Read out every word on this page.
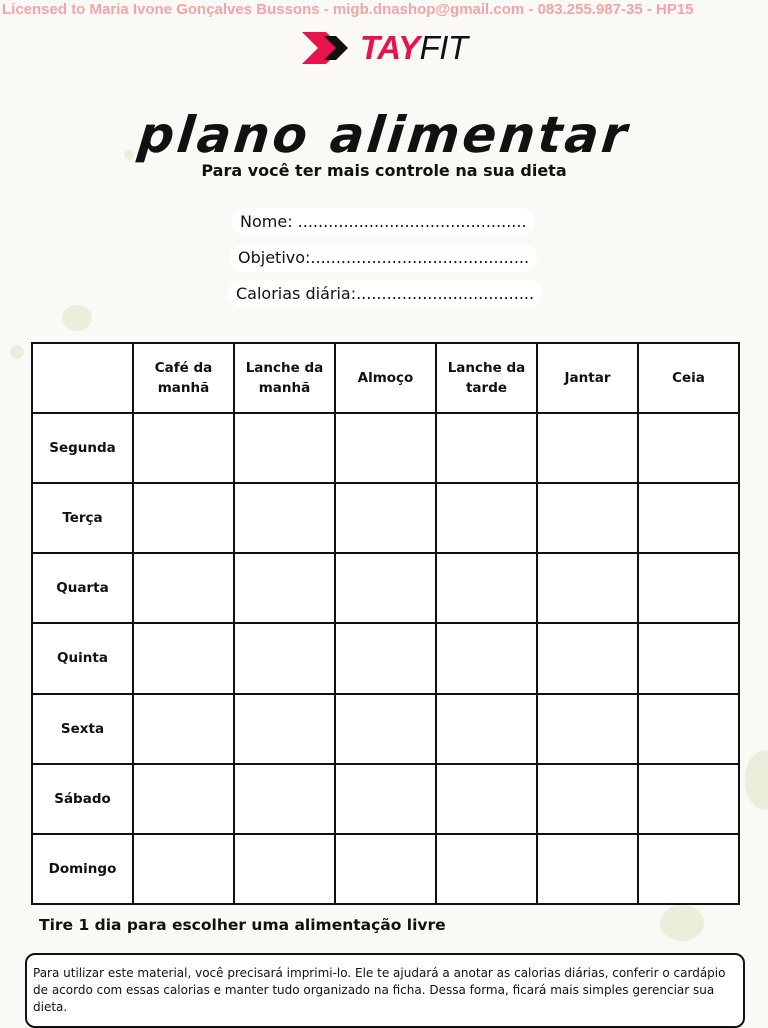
Licensed to Maria Ivone Gonçalves Bussons - migb.dnashop@gmail.com - 083.255.987-35 - HP15
TAYFIT
plano alimentar
Para você ter mais controle na sua dieta
Nome: .............................................
Objetivo:...........................................
Calorias diária:...................................
	Café da manhã	Lanche da manhã	Almoço	Lanche da tarde	Jantar	Ceia
Segunda						
Terça						
Quarta						
Quinta						
Sexta						
Sábado						
Domingo						
Tire 1 dia para escolher uma alimentação livre
Para utilizar este material, você precisará imprimi-lo. Ele te ajudará a anotar as calorias diárias, conferir o cardápio de acordo com essas calorias e manter tudo organizado na ficha. Dessa forma, ficará mais simples gerenciar sua dieta.
